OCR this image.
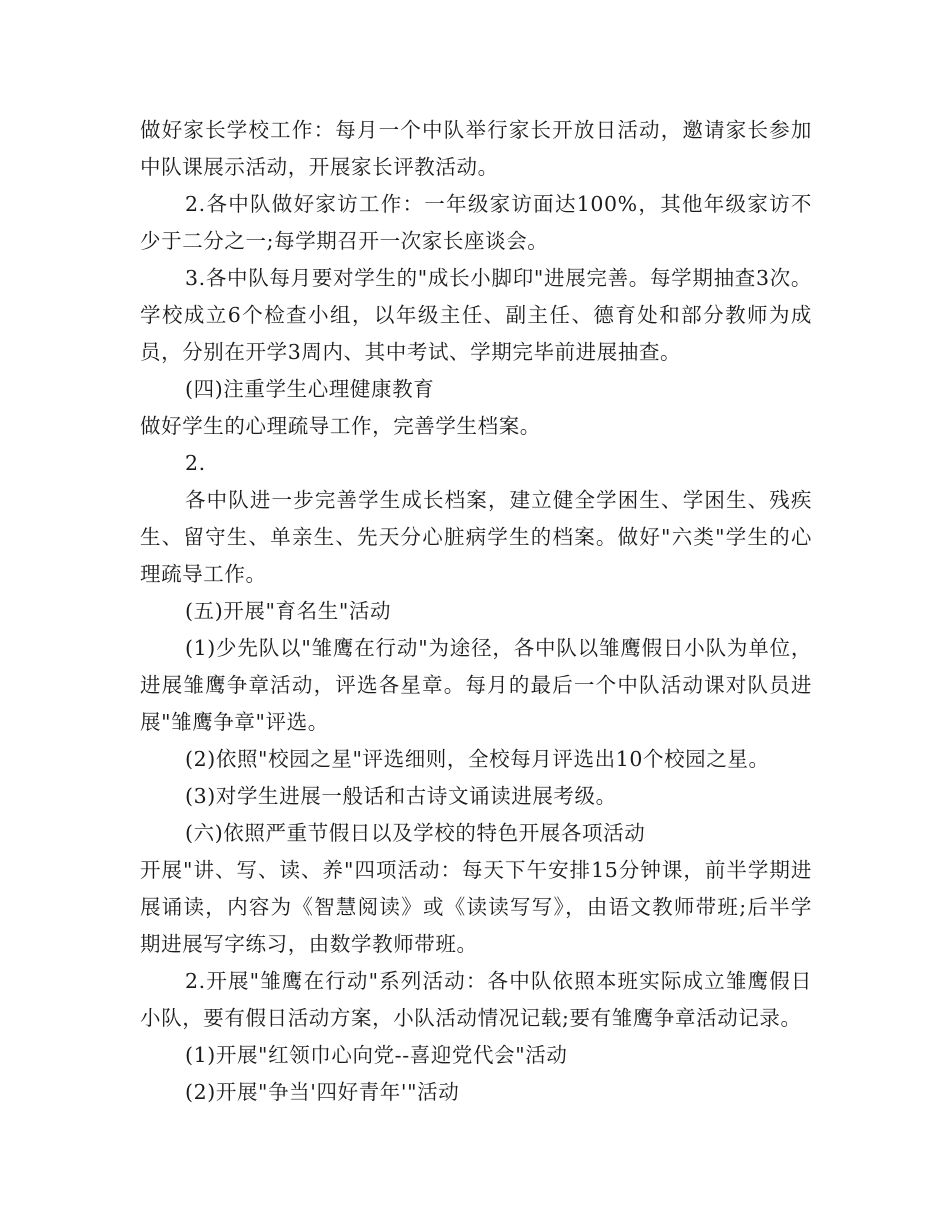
做好家长学校工作：每月一个中队举行家长开放日活动，邀请家长参加中队课展示活动，开展家长评教活动。

2.各中队做好家访工作：一年级家访面达100%，其他年级家访不少于二分之一;每学期召开一次家长座谈会。

3.各中队每月要对学生的"成长小脚印"进展完善。每学期抽查3次。学校成立6个检查小组，以年级主任、副主任、德育处和部分教师为成员，分别在开学3周内、其中考试、学期完毕前进展抽查。

(四)注重学生心理健康教育

做好学生的心理疏导工作，完善学生档案。

2.

各中队进一步完善学生成长档案，建立健全学困生、学困生、残疾生、留守生、单亲生、先天分心脏病学生的档案。做好"六类"学生的心理疏导工作。

(五)开展"育名生"活动

(1)少先队以"雏鹰在行动"为途径，各中队以雏鹰假日小队为单位，进展雏鹰争章活动，评选各星章。每月的最后一个中队活动课对队员进展"雏鹰争章"评选。

(2)依照"校园之星"评选细则，全校每月评选出10个校园之星。

(3)对学生进展一般话和古诗文诵读进展考级。

(六)依照严重节假日以及学校的特色开展各项活动

开展"讲、写、读、养"四项活动：每天下午安排15分钟课，前半学期进展诵读，内容为《智慧阅读》或《读读写写》，由语文教师带班;后半学期进展写字练习，由数学教师带班。

2.开展"雏鹰在行动"系列活动：各中队依照本班实际成立雏鹰假日小队，要有假日活动方案，小队活动情况记载;要有雏鹰争章活动记录。

(1)开展"红领巾心向党--喜迎党代会"活动

(2)开展"争当'四好青年'"活动
